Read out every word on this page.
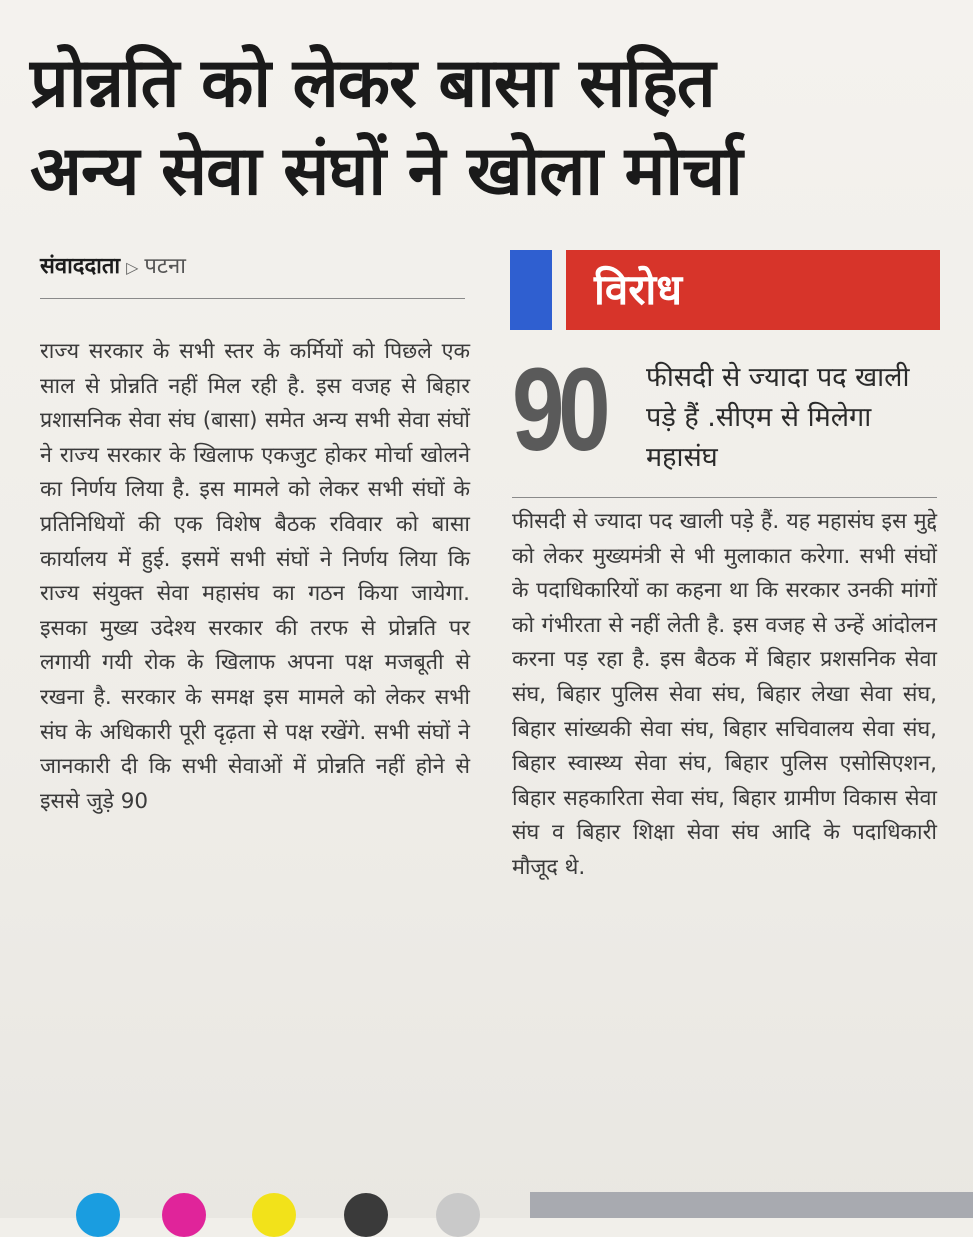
प्रोन्नति को लेकर बासा सहित
अन्य सेवा संघों ने खोला मोर्चा
संवाददाता ▷ पटना

राज्य सरकार के सभी स्तर के कर्मियों को पिछले एक साल से प्रोन्नति नहीं मिल रही है. इस वजह से बिहार प्रशासनिक सेवा संघ (बासा) समेत अन्य सभी सेवा संघों ने राज्य सरकार के खिलाफ एकजुट होकर मोर्चा खोलने का निर्णय लिया है. इस मामले को लेकर सभी संघों के प्रतिनिधियों की एक विशेष बैठक रविवार को बासा कार्यालय में हुई. इसमें सभी संघों ने निर्णय लिया कि राज्य संयुक्त सेवा महासंघ का गठन किया जायेगा. इसका मुख्य उदेश्य सरकार की तरफ से प्रोन्नति पर लगायी गयी रोक के खिलाफ अपना पक्ष मजबूती से रखना है. सरकार के समक्ष इस मामले को लेकर सभी संघ के अधिकारी पूरी दृढ़ता से पक्ष रखेंगे. सभी संघों ने जानकारी दी कि सभी सेवाओं में प्रोन्नति नहीं होने से इससे जुड़े 90

विरोध
90 फीसदी से ज्यादा पद खाली पड़े हैं .सीएम से मिलेगा महासंघ

फीसदी से ज्यादा पद खाली पड़े हैं. यह महासंघ इस मुद्दे को लेकर मुख्यमंत्री से भी मुलाकात करेगा. सभी संघों के पदाधिकारियों का कहना था कि सरकार उनकी मांगों को गंभीरता से नहीं लेती है. इस वजह से उन्हें आंदोलन करना पड़ रहा है. इस बैठक में बिहार प्रशसनिक सेवा संघ, बिहार पुलिस सेवा संघ, बिहार लेखा सेवा संघ, बिहार सांख्यकी सेवा संघ, बिहार सचिवालय सेवा संघ, बिहार स्वास्थ्य सेवा संघ, बिहार पुलिस एसोसिएशन, बिहार सहकारिता सेवा संघ, बिहार ग्रामीण विकास सेवा संघ व बिहार शिक्षा सेवा संघ आदि के पदाधिकारी मौजूद थे.
